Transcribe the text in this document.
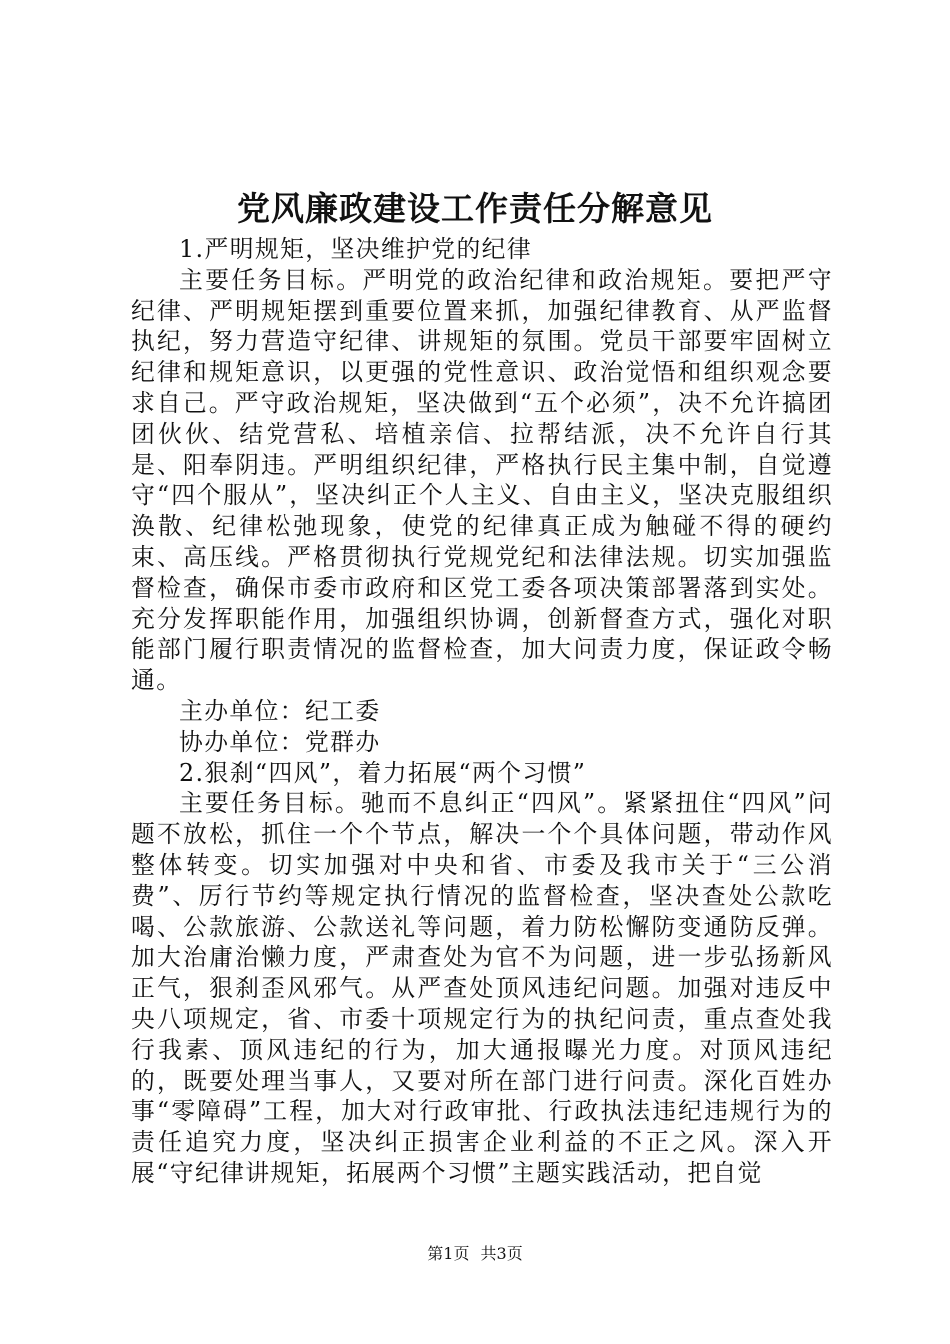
党风廉政建设工作责任分解意见

1.严明规矩，坚决维护党的纪律

主要任务目标。严明党的政治纪律和政治规矩。要把严守纪律、严明规矩摆到重要位置来抓，加强纪律教育、从严监督执纪，努力营造守纪律、讲规矩的氛围。党员干部要牢固树立纪律和规矩意识，以更强的党性意识、政治觉悟和组织观念要求自己。严守政治规矩，坚决做到“五个必须”，决不允许搞团团伙伙、结党营私、培植亲信、拉帮结派，决不允许自行其是、阳奉阴违。严明组织纪律，严格执行民主集中制，自觉遵守“四个服从”，坚决纠正个人主义、自由主义，坚决克服组织涣散、纪律松弛现象，使党的纪律真正成为触碰不得的硬约束、高压线。严格贯彻执行党规党纪和法律法规。切实加强监督检查，确保市委市政府和区党工委各项决策部署落到实处。充分发挥职能作用，加强组织协调，创新督查方式，强化对职能部门履行职责情况的监督检查，加大问责力度，保证政令畅通。

主办单位：纪工委

协办单位：党群办

2.狠刹“四风”，着力拓展“两个习惯”

主要任务目标。驰而不息纠正“四风”。紧紧扭住“四风”问题不放松，抓住一个个节点，解决一个个具体问题，带动作风整体转变。切实加强对中央和省、市委及我市关于“三公消费”、厉行节约等规定执行情况的监督检查，坚决查处公款吃喝、公款旅游、公款送礼等问题，着力防松懈防变通防反弹。加大治庸治懒力度，严肃查处为官不为问题，进一步弘扬新风正气，狠刹歪风邪气。从严查处顶风违纪问题。加强对违反中央八项规定，省、市委十项规定行为的执纪问责，重点查处我行我素、顶风违纪的行为，加大通报曝光力度。对顶风违纪的，既要处理当事人，又要对所在部门进行问责。深化百姓办事“零障碍”工程，加大对行政审批、行政执法违纪违规行为的责任追究力度，坚决纠正损害企业利益的不正之风。深入开展“守纪律讲规矩，拓展两个习惯”主题实践活动，把自觉

第1页 共3页
